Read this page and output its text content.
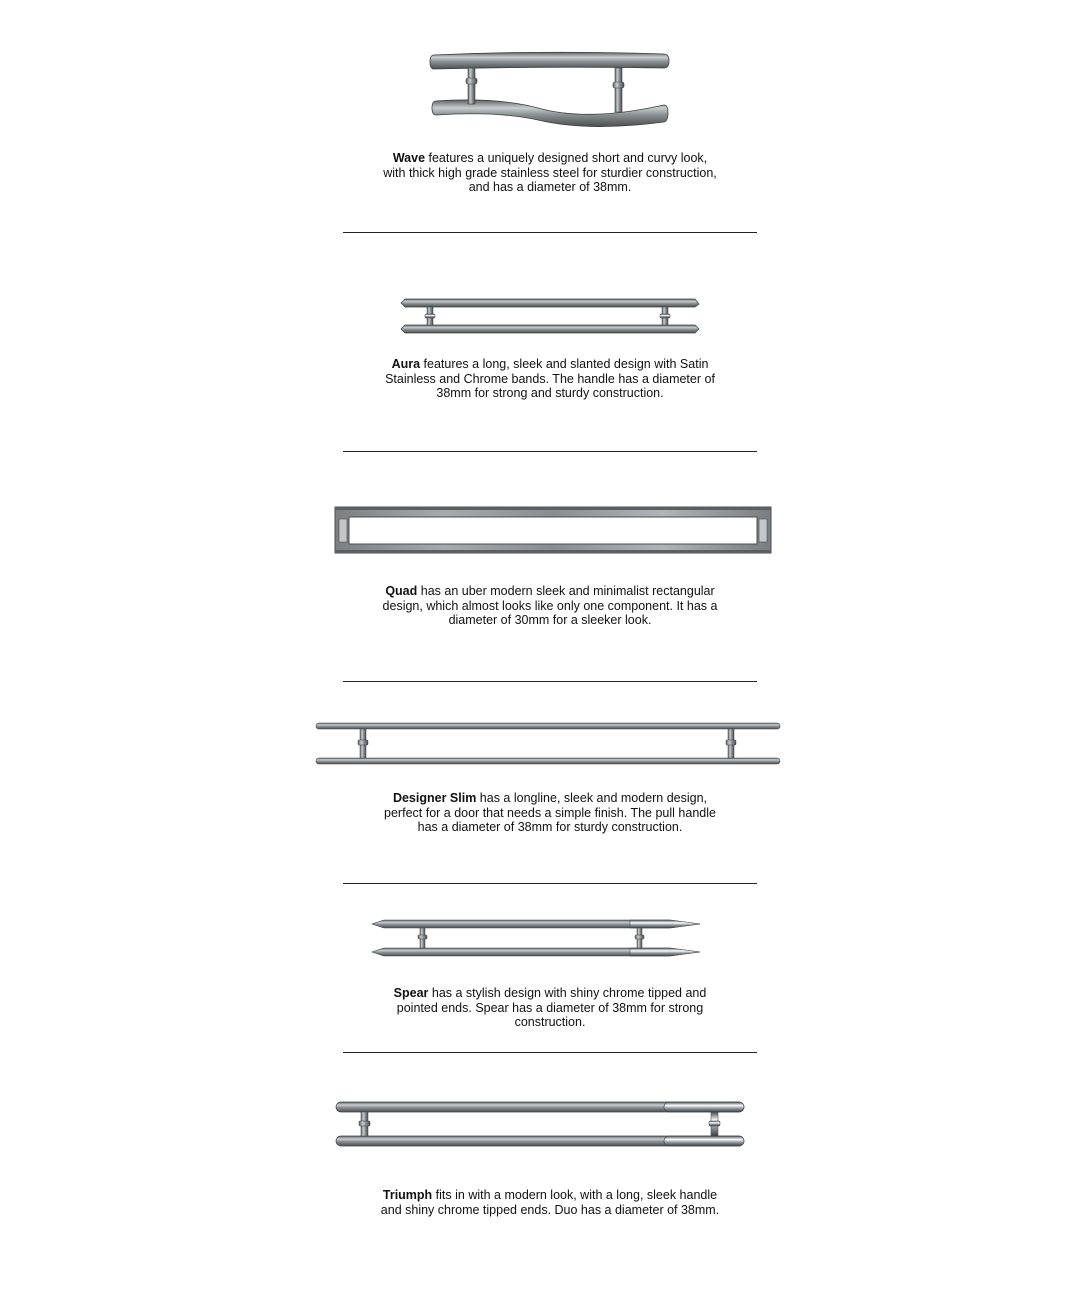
Wave features a uniquely designed short and curvy look, with thick high grade stainless steel for sturdier construction, and has a diameter of 38mm.

Aura features a long, sleek and slanted design with Satin Stainless and Chrome bands. The handle has a diameter of 38mm for strong and sturdy construction.

Quad has an uber modern sleek and minimalist rectangular design, which almost looks like only one component. It has a diameter of 30mm for a sleeker look.

Designer Slim has a longline, sleek and modern design, perfect for a door that needs a simple finish. The pull handle has a diameter of 38mm for sturdy construction.

Spear has a stylish design with shiny chrome tipped and pointed ends. Spear has a diameter of 38mm for strong construction.

Triumph fits in with a modern look, with a long, sleek handle and shiny chrome tipped ends. Duo has a diameter of 38mm.
